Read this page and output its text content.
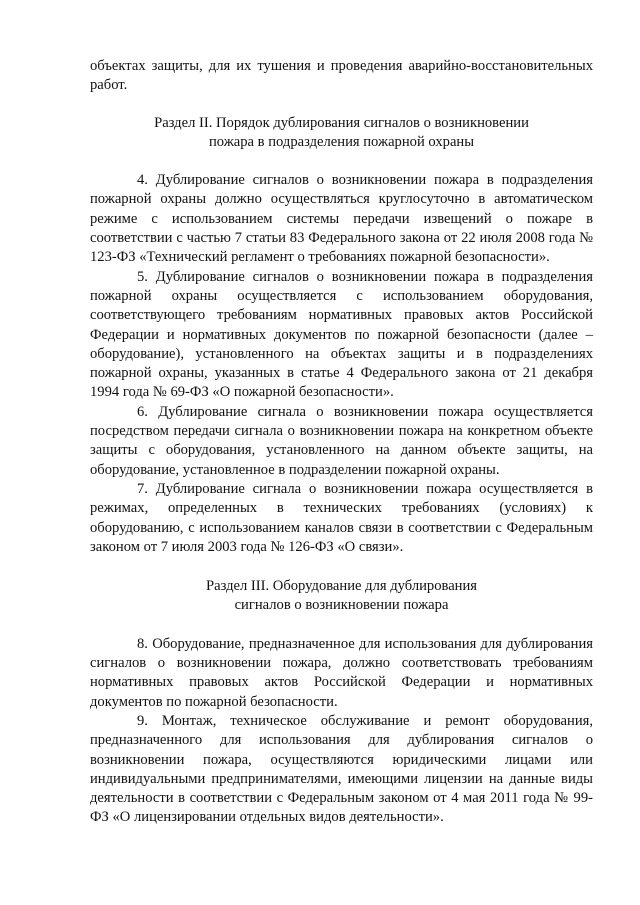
объектах защиты, для их тушения и проведения аварийно-восстановительных работ.

Раздел II. Порядок дублирования сигналов о возникновении
пожара в подразделения пожарной охраны

4. Дублирование сигналов о возникновении пожара в подразделения пожарной охраны должно осуществляться круглосуточно в автоматическом режиме с использованием системы передачи извещений о пожаре в соответствии с частью 7 статьи 83 Федерального закона от 22 июля 2008 года № 123-ФЗ «Технический регламент о требованиях пожарной безопасности».

5. Дублирование сигналов о возникновении пожара в подразделения пожарной охраны осуществляется с использованием оборудования, соответствующего требованиям нормативных правовых актов Российской Федерации и нормативных документов по пожарной безопасности (далее – оборудование), установленного на объектах защиты и в подразделениях пожарной охраны, указанных в статье 4 Федерального закона от 21 декабря 1994 года № 69-ФЗ «О пожарной безопасности».

6. Дублирование сигнала о возникновении пожара осуществляется посредством передачи сигнала о возникновении пожара на конкретном объекте защиты с оборудования, установленного на данном объекте защиты, на оборудование, установленное в подразделении пожарной охраны.

7. Дублирование сигнала о возникновении пожара осуществляется в режимах, определенных в технических требованиях (условиях) к оборудованию, с использованием каналов связи в соответствии с Федеральным законом от 7 июля 2003 года № 126-ФЗ «О связи».

Раздел III. Оборудование для дублирования
сигналов о возникновении пожара

8. Оборудование, предназначенное для использования для дублирования сигналов о возникновении пожара, должно соответствовать требованиям нормативных правовых актов Российской Федерации и нормативных документов по пожарной безопасности.

9. Монтаж, техническое обслуживание и ремонт оборудования, предназначенного для использования для дублирования сигналов о возникновении пожара, осуществляются юридическими лицами или индивидуальными предпринимателями, имеющими лицензии на данные виды деятельности в соответствии с Федеральным законом от 4 мая 2011 года № 99-ФЗ «О лицензировании отдельных видов деятельности».
